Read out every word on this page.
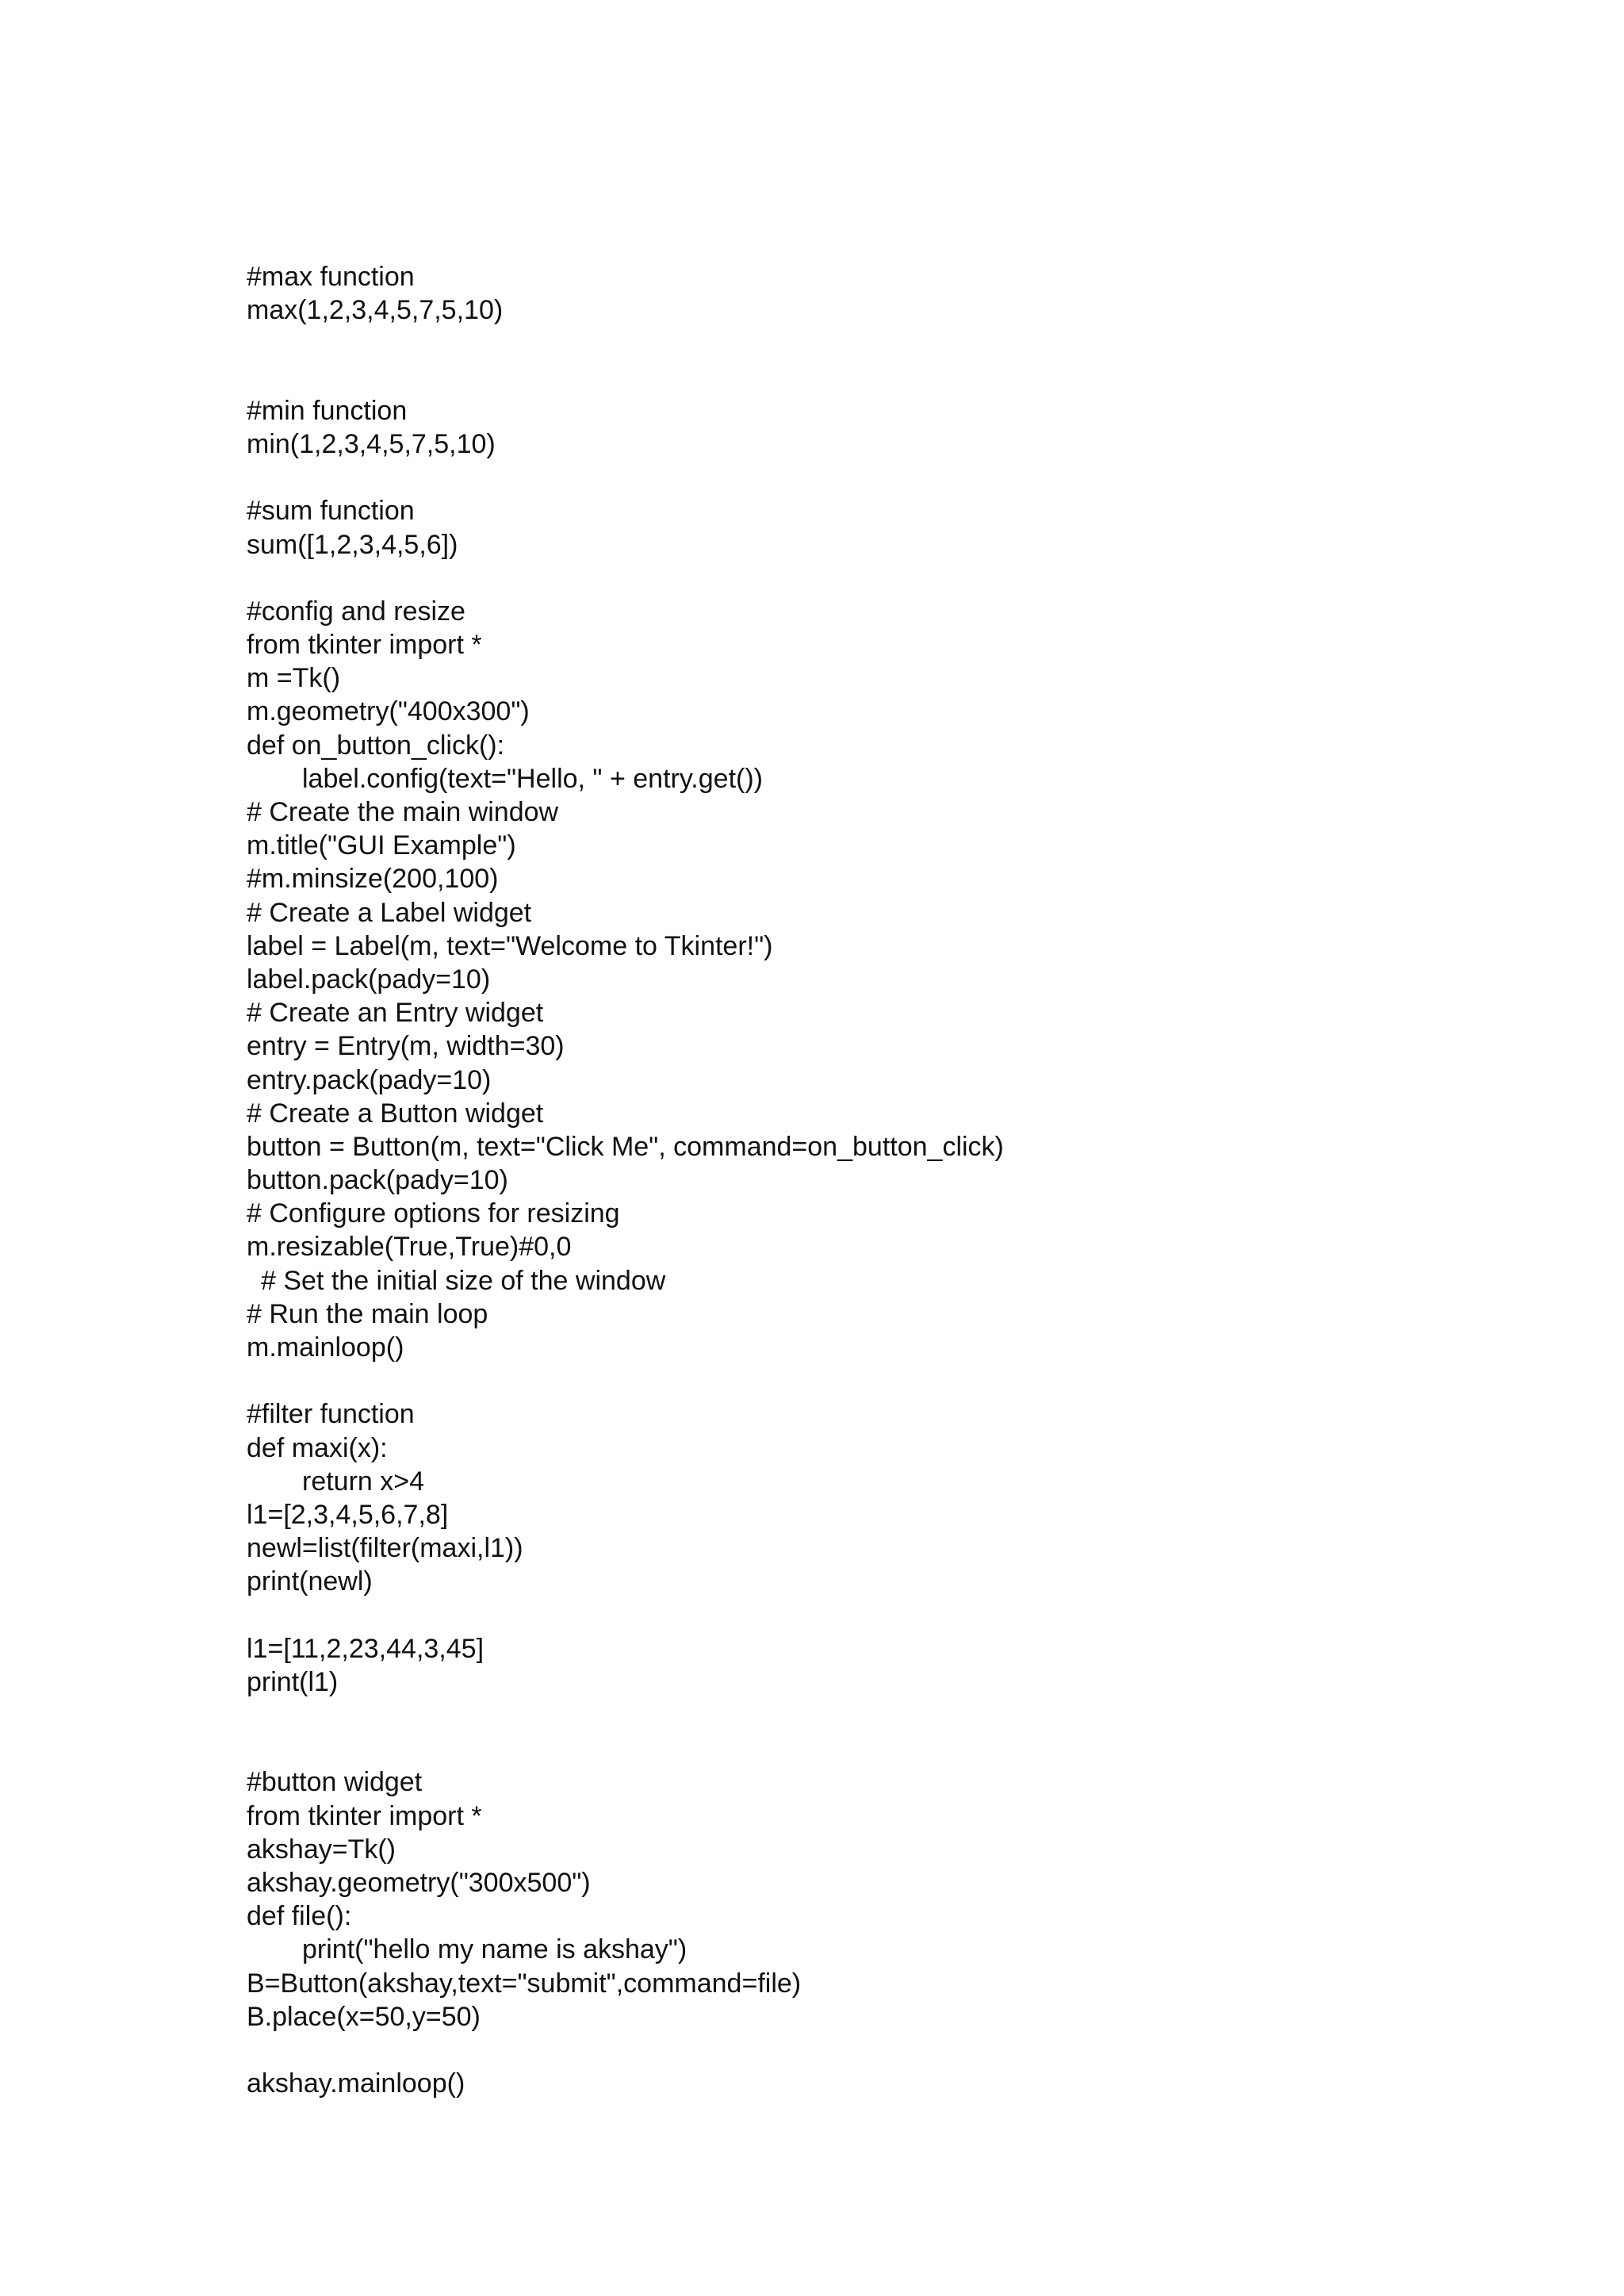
#max function
max(1,2,3,4,5,7,5,10)
#min function
min(1,2,3,4,5,7,5,10)
#sum function
sum([1,2,3,4,5,6])
#config and resize
from tkinter import *
m =Tk()
m.geometry("400x300")
def on_button_click():
label.config(text="Hello, " + entry.get())
# Create the main window
m.title("GUI Example")
#m.minsize(200,100)
# Create a Label widget
label = Label(m, text="Welcome to Tkinter!")
label.pack(pady=10)
# Create an Entry widget
entry = Entry(m, width=30)
entry.pack(pady=10)
# Create a Button widget
button = Button(m, text="Click Me", command=on_button_click)
button.pack(pady=10)
# Configure options for resizing
m.resizable(True,True)#0,0
# Set the initial size of the window
# Run the main loop
m.mainloop()
#filter function
def maxi(x):
return x>4
l1=[2,3,4,5,6,7,8]
newl=list(filter(maxi,l1))
print(newl)
l1=[11,2,23,44,3,45]
print(l1)
#button widget
from tkinter import *
akshay=Tk()
akshay.geometry("300x500")
def file():
print("hello my name is akshay")
B=Button(akshay,text="submit",command=file)
B.place(x=50,y=50)
akshay.mainloop()
